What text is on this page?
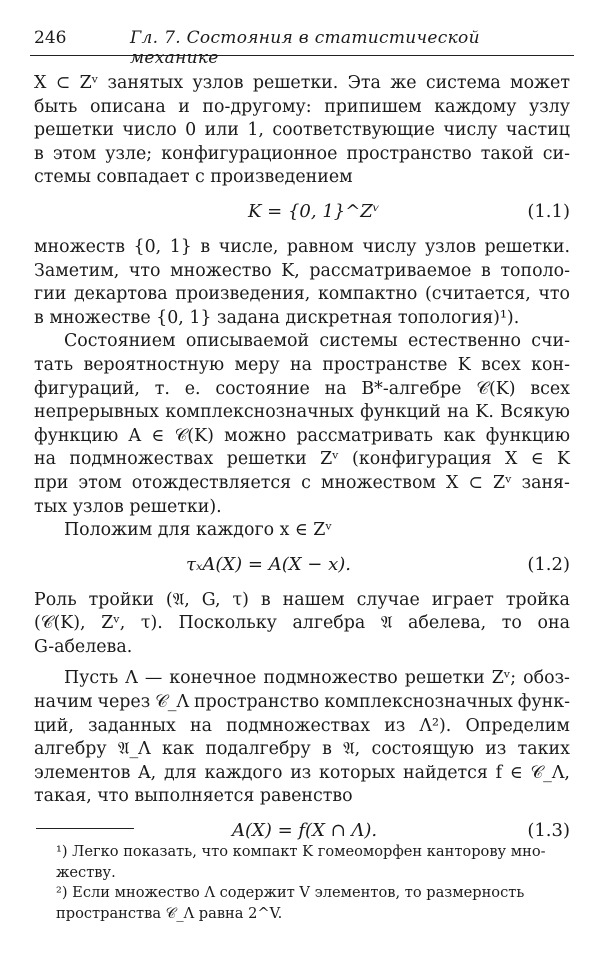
246	Гл. 7. Состояния в статистической механике
X ⊂ Zᵛ занятых узлов решетки. Эта же система может
быть описана и по-другому: припишем каждому узлу
решетки число 0 или 1, соответствующие числу частиц
в этом узле; конфигурационное пространство такой си-
стемы совпадает с произведением
K = {0, 1}^Zᵛ	(1.1)
множеств {0, 1} в числе, равном числу узлов решетки.
Заметим, что множество K, рассматриваемое в тополо-
гии декартова произведения, компактно (считается, что
в множестве {0, 1} задана дискретная топология)¹).
Состоянием описываемой системы естественно счи-
тать вероятностную меру на пространстве K всех кон-
фигураций, т. е. состояние на B*-алгебре 𝒞(K) всех
непрерывных комплекснозначных функций на K. Всякую
функцию A ∈ 𝒞(K) можно рассматривать как функцию
на подмножествах решетки Zᵛ (конфигурация X ∈ K
при этом отождествляется с множеством X ⊂ Zᵛ заня-
тых узлов решетки).
Положим для каждого x ∈ Zᵛ
τₓA(X) = A(X − x).	(1.2)
Роль тройки (𝔄, G, τ) в нашем случае играет тройка
(𝒞(K), Zᵛ, τ). Поскольку алгебра 𝔄 абелева, то она
G-абелева.
Пусть Λ — конечное подмножество решетки Zᵛ; обоз-
начим через 𝒞_Λ пространство комплекснозначных функ-
ций, заданных на подмножествах из Λ²). Определим
алгебру 𝔄_Λ как подалгебру в 𝔄, состоящую из таких
элементов A, для каждого из которых найдется f ∈ 𝒞_Λ,
такая, что выполняется равенство
A(X) = f(X ∩ Λ).	(1.3)
¹) Легко показать, что компакт K гомеоморфен канторову мно-жеству.
²) Если множество Λ содержит V элементов, то размерность пространства 𝒞_Λ равна 2^V.
